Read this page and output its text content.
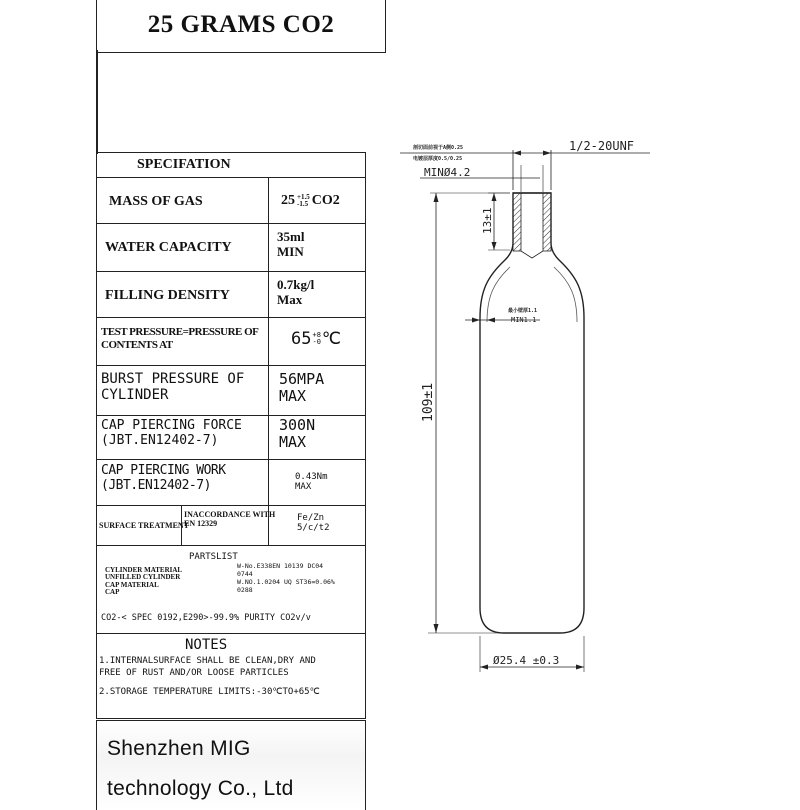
25 GRAMS CO2
SPECIFATION
MASS OF GAS	25 +1.5
-1.5 CO2
WATER CAPACITY
35ml
MIN
FILLING DENSITY
0.7kg/l
Max
TEST PRESSURE=PRESSURE OF
CONTENTS AT	65+8
-0℃
BURST PRESSURE OF
CYLINDER
56MPA
MAX
CAP PIERCING FORCE
(JBT.EN12402-7)
300N
MAX
CAP PIERCING WORK
(JBT.EN12402-7)
0.43Nm
MAX
SURFACE TREATMENT
INACCORDANCE WITH
EN 12329
Fe/Zn
5/c/t2
PARTSLIST
CYLINDER MATERIAL
UNFILLED CYLINDER
CAP MATERIAL
CAP
W-No.E338EN 10139 DC04
0744
W.NO.1.0204 UQ ST36=0.06%
0288
CO2-< SPEC 0192,E290>-99.9% PURITY CO2v/v
NOTES
1.INTERNALSURFACE SHALL BE CLEAN,DRY AND
FREE OF RUST AND/OR LOOSE PARTICLES
2.STORAGE TEMPERATURE LIMITS:-30℃TO+65℃
Shenzhen MIG
technology Co., Ltd
1/2-20UNF
剖切面前视于A侧0.25
电镀层厚度0.5/0.25
MINØ4.2
13±1
最小壁厚1.1
MIN1.1
109±1
Ø25.4 ±0.3
